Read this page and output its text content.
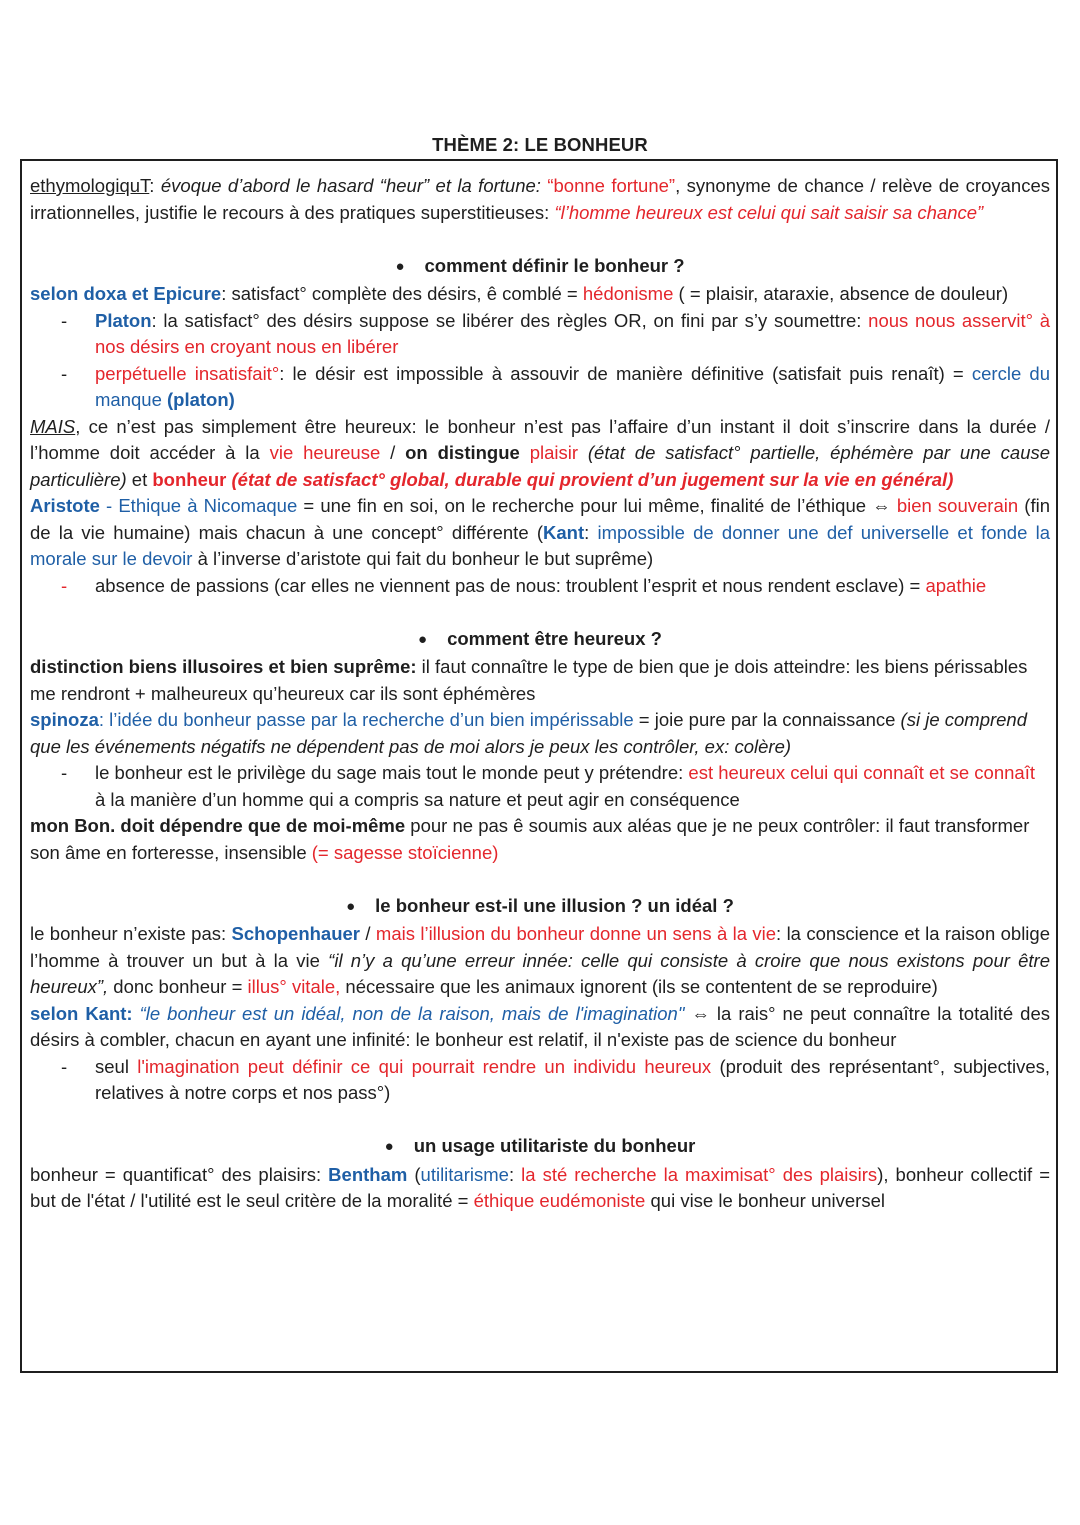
THÈME 2: LE BONHEUR

ethymologiquT: évoque d’abord le hasard “heur” et la fortune: “bonne fortune”, synonyme de chance / relève de croyances irrationnelles, justifie le recours à des pratiques superstitieuses: “l’homme heureux est celui qui sait saisir sa chance”

● comment définir le bonheur ?

selon doxa et Epicure: satisfact° complète des désirs, ê comblé = hédonisme ( = plaisir, ataraxie, absence de douleur)

- Platon: la satisfact° des désirs suppose se libérer des règles OR, on fini par s’y soumettre: nous nous asservit° à nos désirs en croyant nous en libérer

- perpétuelle insatisfait°: le désir est impossible à assouvir de manière définitive (satisfait puis renaît) = cercle du manque (platon)

MAIS, ce n’est pas simplement être heureux: le bonheur n’est pas l’affaire d’un instant il doit s’inscrire dans la durée / l’homme doit accéder à la vie heureuse / on distingue plaisir (état de satisfact° partielle, éphémère par une cause particulière) et bonheur (état de satisfact° global, durable qui provient d’un jugement sur la vie en général)

Aristote - Ethique à Nicomaque = une fin en soi, on le recherche pour lui même, finalité de l’éthique ⇔ bien souverain (fin de la vie humaine) mais chacun à une concept° différente (Kant: impossible de donner une def universelle et fonde la morale sur le devoir à l’inverse d’aristote qui fait du bonheur le but suprême)

- absence de passions (car elles ne viennent pas de nous: troublent l’esprit et nous rendent esclave) = apathie

● comment être heureux ?

distinction biens illusoires et bien suprême: il faut connaître le type de bien que je dois atteindre: les biens périssables me rendront + malheureux qu’heureux car ils sont éphémères

spinoza: l’idée du bonheur passe par la recherche d’un bien impérissable = joie pure par la connaissance (si je comprend que les événements négatifs ne dépendent pas de moi alors je peux les contrôler, ex: colère)

- le bonheur est le privilège du sage mais tout le monde peut y prétendre: est heureux celui qui connaît et se connaît à la manière d’un homme qui a compris sa nature et peut agir en conséquence

mon Bon. doit dépendre que de moi-même pour ne pas ê soumis aux aléas que je ne peux contrôler: il faut transformer son âme en forteresse, insensible (= sagesse stoïcienne)

● le bonheur est-il une illusion ? un idéal ?

le bonheur n’existe pas: Schopenhauer / mais l’illusion du bonheur donne un sens à la vie: la conscience et la raison oblige l’homme à trouver un but à la vie “il n’y a qu’une erreur innée: celle qui consiste à croire que nous existons pour être heureux”, donc bonheur = illus° vitale, nécessaire que les animaux ignorent (ils se contentent de se reproduire)

selon Kant: “le bonheur est un idéal, non de la raison, mais de l'imagination" ⇔ la rais° ne peut connaître la totalité des désirs à combler, chacun en ayant une infinité: le bonheur est relatif, il n'existe pas de science du bonheur

- seul l'imagination peut définir ce qui pourrait rendre un individu heureux (produit des représentant°, subjectives, relatives à notre corps et nos pass°)

● un usage utilitariste du bonheur

bonheur = quantificat° des plaisirs: Bentham (utilitarisme: la sté recherche la maximisat° des plaisirs), bonheur collectif = but de l'état / l'utilité est le seul critère de la moralité = éthique eudémoniste qui vise le bonheur universel
